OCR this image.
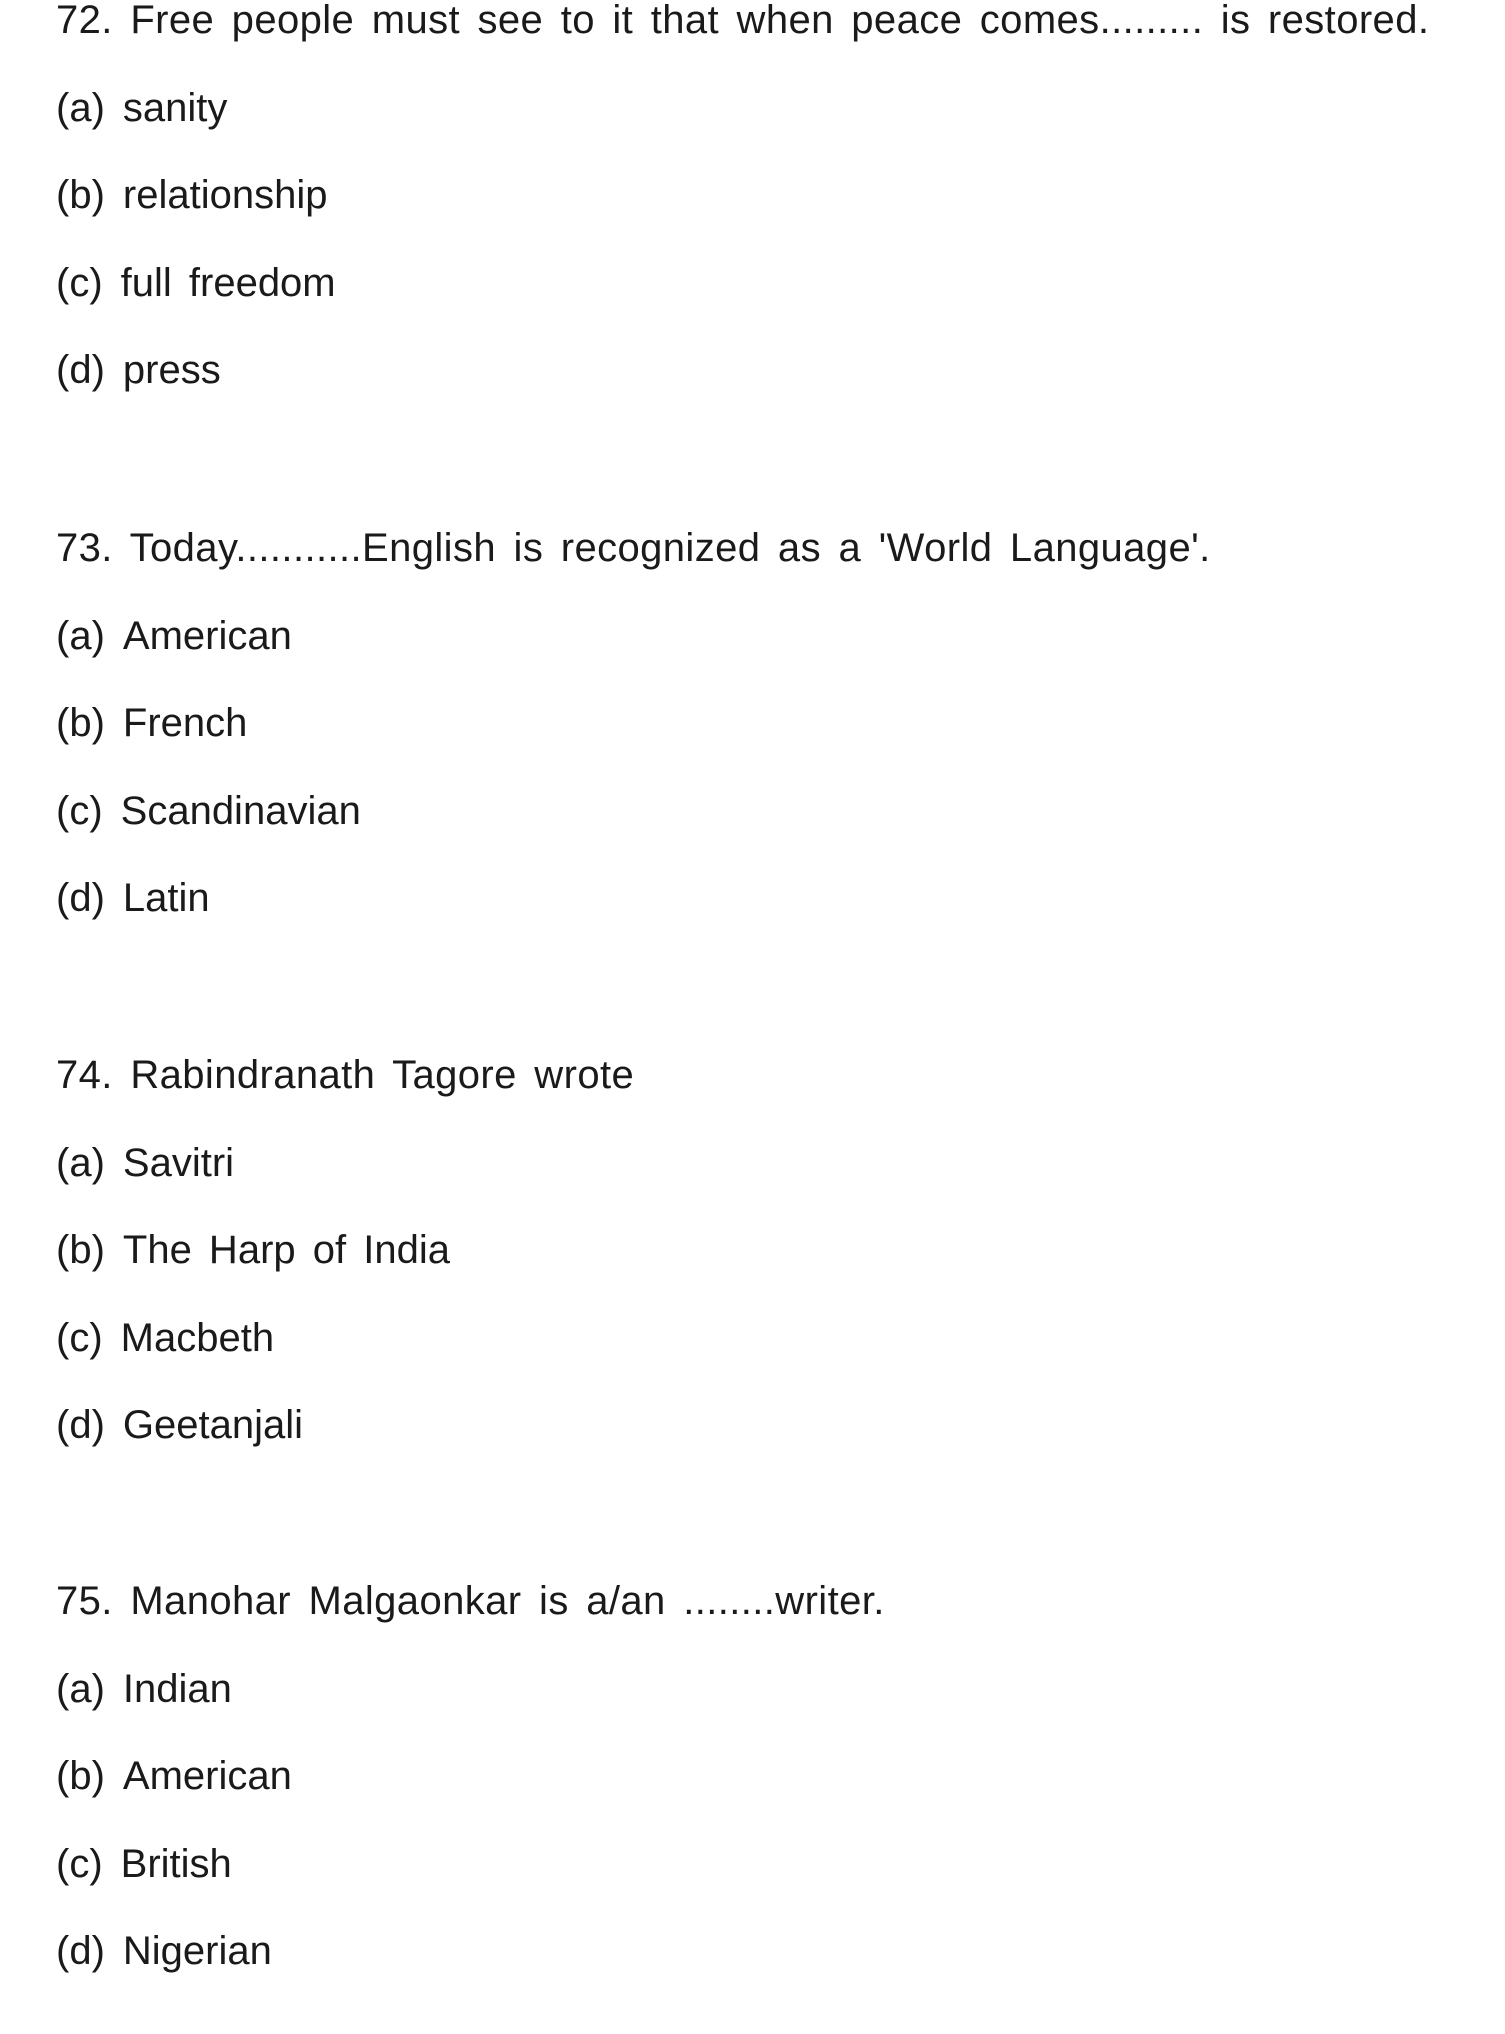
72. Free people must see to it that when peace comes......... is restored.
(a) sanity
(b) relationship
(c) full freedom
(d) press
73. Today...........English is recognized as a 'World Language'.
(a) American
(b) French
(c) Scandinavian
(d) Latin
74. Rabindranath Tagore wrote
(a) Savitri
(b) The Harp of India
(c) Macbeth
(d) Geetanjali
75. Manohar Malgaonkar is a/an ........writer.
(a) Indian
(b) American
(c) British
(d) Nigerian
